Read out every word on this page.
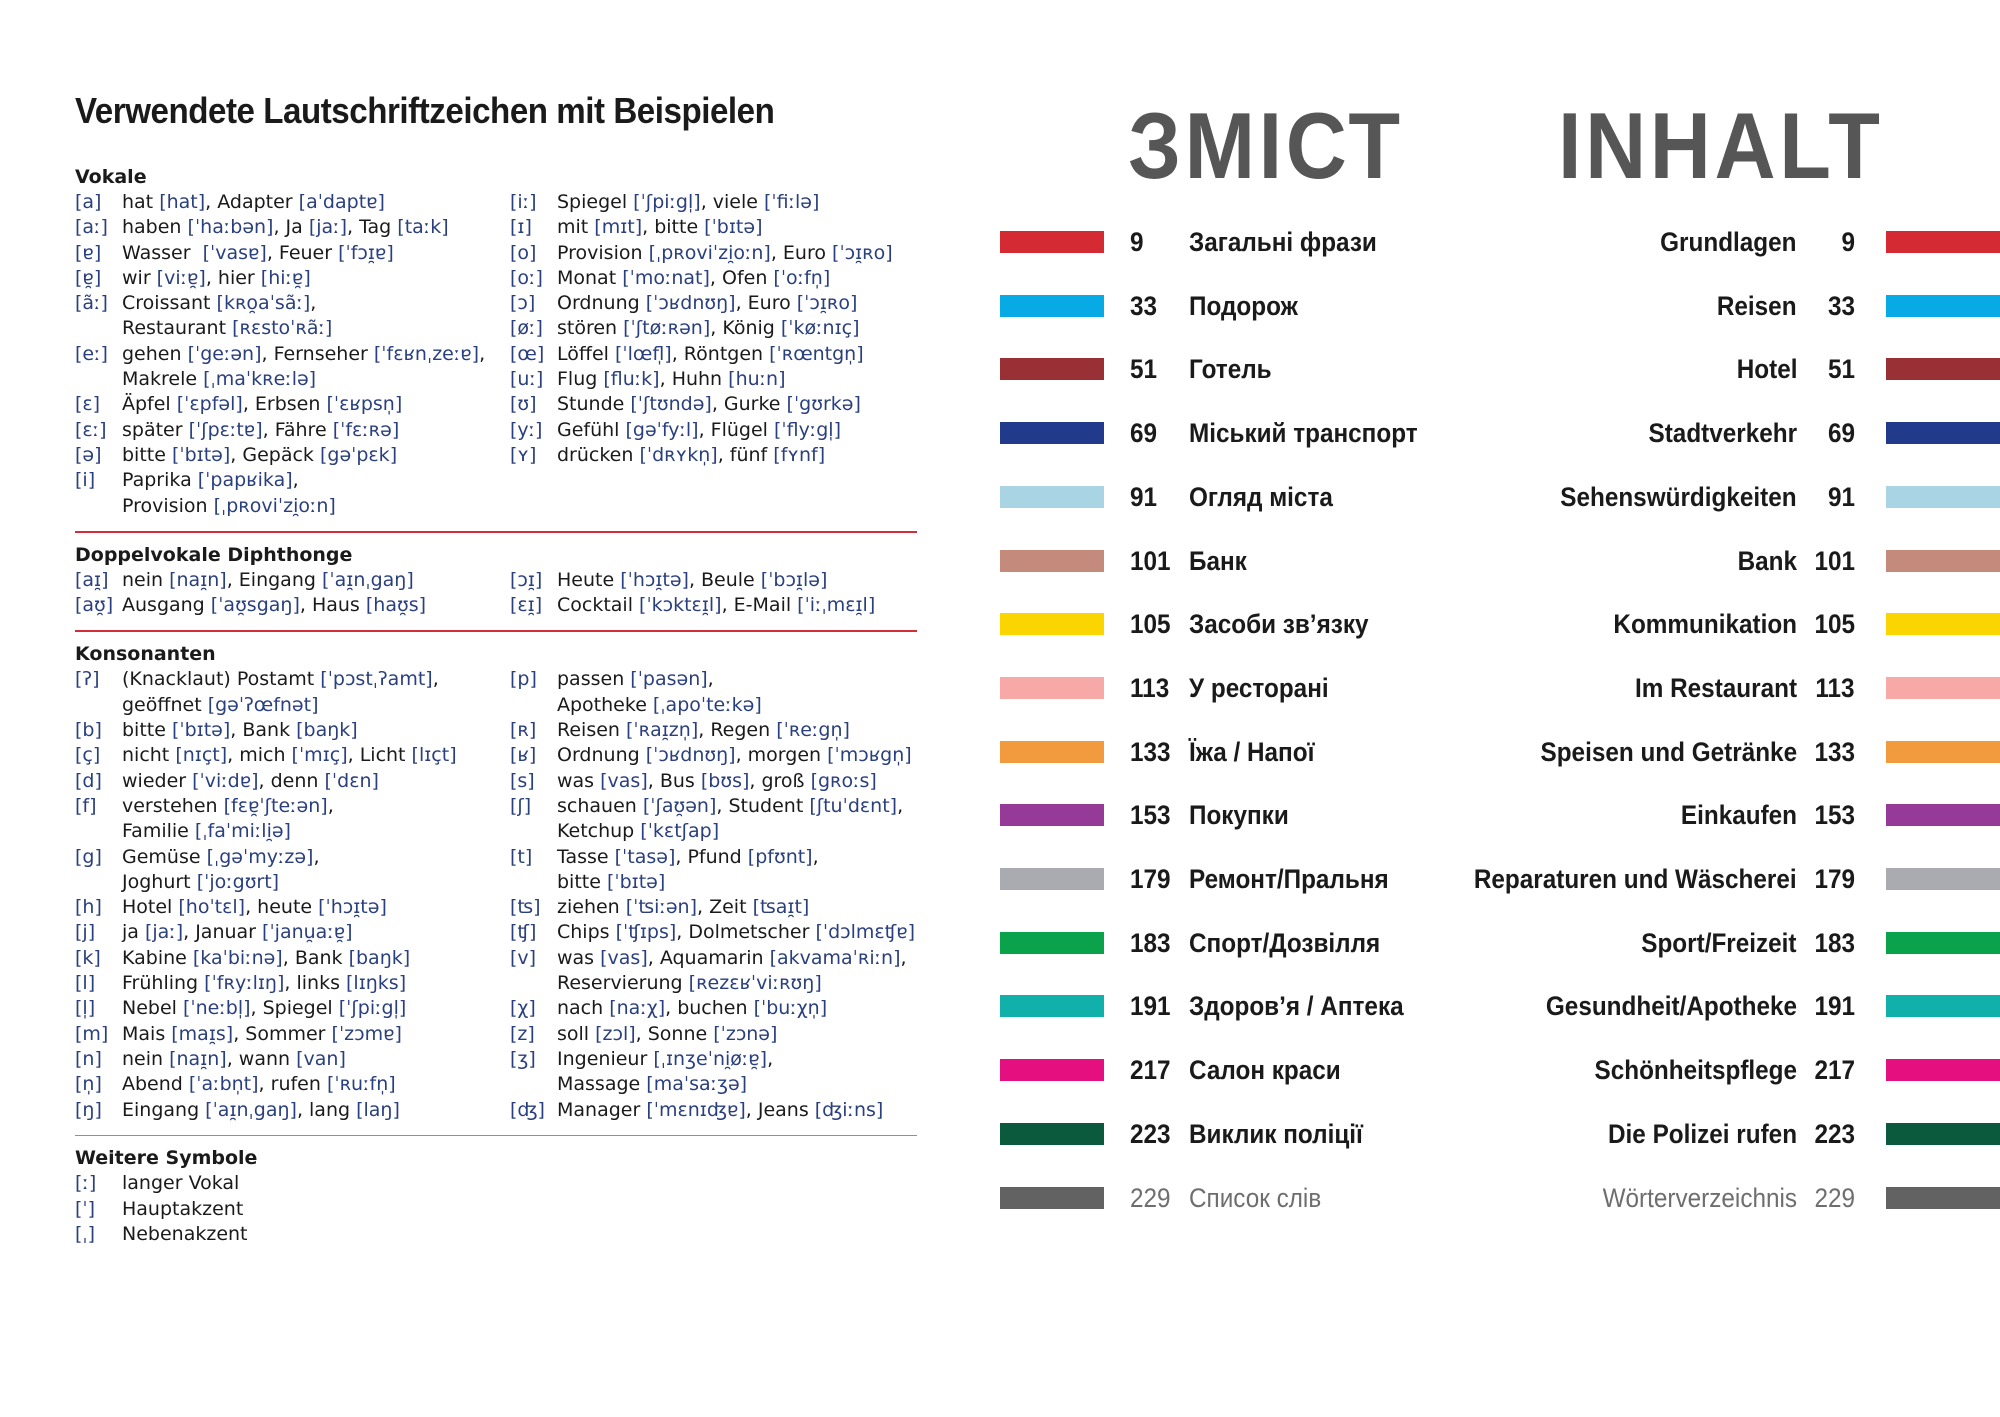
Verwendete Lautschriftzeichen mit Beispielen
Vokale
[a]	hat [hat], Adapter [aˈdaptɐ]
[aː] haben [ˈhaːbən], Ja [jaː], Tag [taːk]
[ɐ]	Wasser  [ˈvasɐ], Feuer [ˈfɔɪ̯ɐ]
[ɐ̯]	wir [viːɐ̯], hier [hiːɐ̯]
[ãː] Croissant [kʀo̯aˈsãː],
Restaurant [ʀɛstoˈʀãː]
[eː] gehen [ˈgeːən], Fernseher [ˈfɛʁnˌzeːɐ],
Makrele [ˌmaˈkʀeːlə]
[ɛ]	Äpfel [ˈɛpfəl], Erbsen [ˈɛʁpsn̩]
[ɛː] später [ˈʃpɛːtɐ], Fähre [ˈfɛːʀə]
[ə]	bitte [ˈbɪtə], Gepäck [gəˈpɛk]
[i]	Paprika [ˈpapʁika],
Provision [ˌpʀoviˈzi̯oːn]
[iː]	Spiegel [ˈʃpiːgl̩], viele [ˈfiːlə]
[ɪ]	mit [mɪt], bitte [ˈbɪtə]
[o]	Provision [ˌpʀoviˈzi̯oːn], Euro [ˈɔɪ̯ʀo]
[oː] Monat [ˈmoːnat], Ofen [ˈoːfn̩]
[ɔ]	Ordnung [ˈɔʁdnʊŋ], Euro [ˈɔɪ̯ʀo]
[øː] stören [ˈʃtøːʀən], König [ˈkøːnɪç]
[œ] Löffel [ˈlœfl̩], Röntgen [ˈʀœntgn̩]
[uː] Flug [fluːk], Huhn [huːn]
[ʊ]	Stunde [ˈʃtʊndə], Gurke [ˈgʊrkə]
[yː] Gefühl [gəˈfyːl], Flügel [ˈflyːgl̩]
[ʏ]	drücken [ˈdʀʏkn̩], fünf [fʏnf]
Doppelvokale Diphthonge
[aɪ̯] nein [naɪ̯n], Eingang [ˈaɪ̯nˌgaŋ]
[aʊ̯] Ausgang [ˈaʊ̯sgaŋ], Haus [haʊ̯s]
[ɔɪ̯] Heute [ˈhɔɪ̯tə], Beule [ˈbɔɪ̯lə]
[ɛɪ̯] Cocktail [ˈkɔktɛɪ̯l], E-Mail [ˈiːˌmɛɪ̯l]
Konsonanten
[ʔ]	(Knacklaut) Postamt [ˈpɔstˌʔamt],
geöffnet [gəˈʔœfnət]
[b]	bitte [ˈbɪtə], Bank [baŋk]
[ç]	nicht [nɪçt], mich [ˈmɪç], Licht [lɪçt]
[d]	wieder [ˈviːdɐ], denn [ˈdɛn]
[f]	verstehen [fɛɐ̯ˈʃteːən],
Familie [ˌfaˈmiːli̯ə]
[g]	Gemüse [ˌgəˈmyːzə],
Joghurt [ˈjoːgʊrt]
[h]	Hotel [hoˈtɛl], heute [ˈhɔɪ̯tə]
[j]	ja [jaː], Januar [ˈjanu̯aːɐ̯]
[k]	Kabine [kaˈbiːnə], Bank [baŋk]
[l]	Frühling [ˈfʀyːlɪŋ], links [lɪŋks]
[l̩]	Nebel [ˈneːbl̩], Spiegel [ˈʃpiːgl̩]
[m] Mais [maɪ̯s], Sommer [ˈzɔmɐ]
[n]	nein [naɪ̯n], wann [van]
[n̩]	Abend [ˈaːbn̩t], rufen [ˈʀuːfn̩]
[ŋ]	Eingang [ˈaɪ̯nˌgaŋ], lang [laŋ]
[p]	passen [ˈpasən],
Apotheke [ˌapoˈteːkə]
[ʀ]	Reisen [ˈʀaɪ̯zn̩], Regen [ˈʀeːgn̩]
[ʁ]	Ordnung [ˈɔʁdnʊŋ], morgen [ˈmɔʁgn̩]
[s]	was [vas], Bus [bʊs], groß [gʀoːs]
[ʃ]	schauen [ˈʃaʊ̯ən], Student [ʃtuˈdɛnt],
Ketchup [ˈkɛtʃap]
[t]	Tasse [ˈtasə], Pfund [pfʊnt],
bitte [ˈbɪtə]
[ʦ] ziehen [ˈʦiːən], Zeit [ʦaɪ̯t]
[ʧ]	Chips [ˈʧɪps], Dolmetscher [ˈdɔlmɛʧɐ]
[v]	was [vas], Aquamarin [akvamaˈʀiːn],
Reservierung [ʀezɛʁˈviːʀʊŋ]
[χ]	nach [naːχ], buchen [ˈbuːχn̩]
[z]	soll [zɔl], Sonne [ˈzɔnə]
[ʒ]	Ingenieur [ˌɪnʒeˈni̯øːɐ̯],
Massage [maˈsaːʒə]
[ʤ] Manager [ˈmɛnɪʤɐ], Jeans [ʤiːns]
Weitere Symbole
[ː]	langer Vokal
[ˈ]	Hauptakzent
[ˌ]	Nebenakzent
ЗМІСТ INHALT
9 Загальні фрази	Grundlagen 9
33 Подорож	Reisen 33
51 Готель	Hotel 51
69 Міський транспорт	Stadtverkehr 69
91 Огляд міста	Sehenswürdigkeiten 91
101 Банк	Bank 101
105 Засоби зв’язку	Kommunikation 105
113 У ресторані	Im Restaurant 113
133 Їжа / Напої	Speisen und Getränke 133
153 Покупки	Einkaufen 153
179 Ремонт/Пральня	Reparaturen und Wäscherei 179
183 Спорт/Дозвілля	Sport/Freizeit 183
191 Здоров’я / Аптека	Gesundheit/Apotheke 191
217 Салон краси	Schönheitspflege 217
223 Виклик поліції	Die Polizei rufen 223
229 Список слів	Wörterverzeichnis 229
